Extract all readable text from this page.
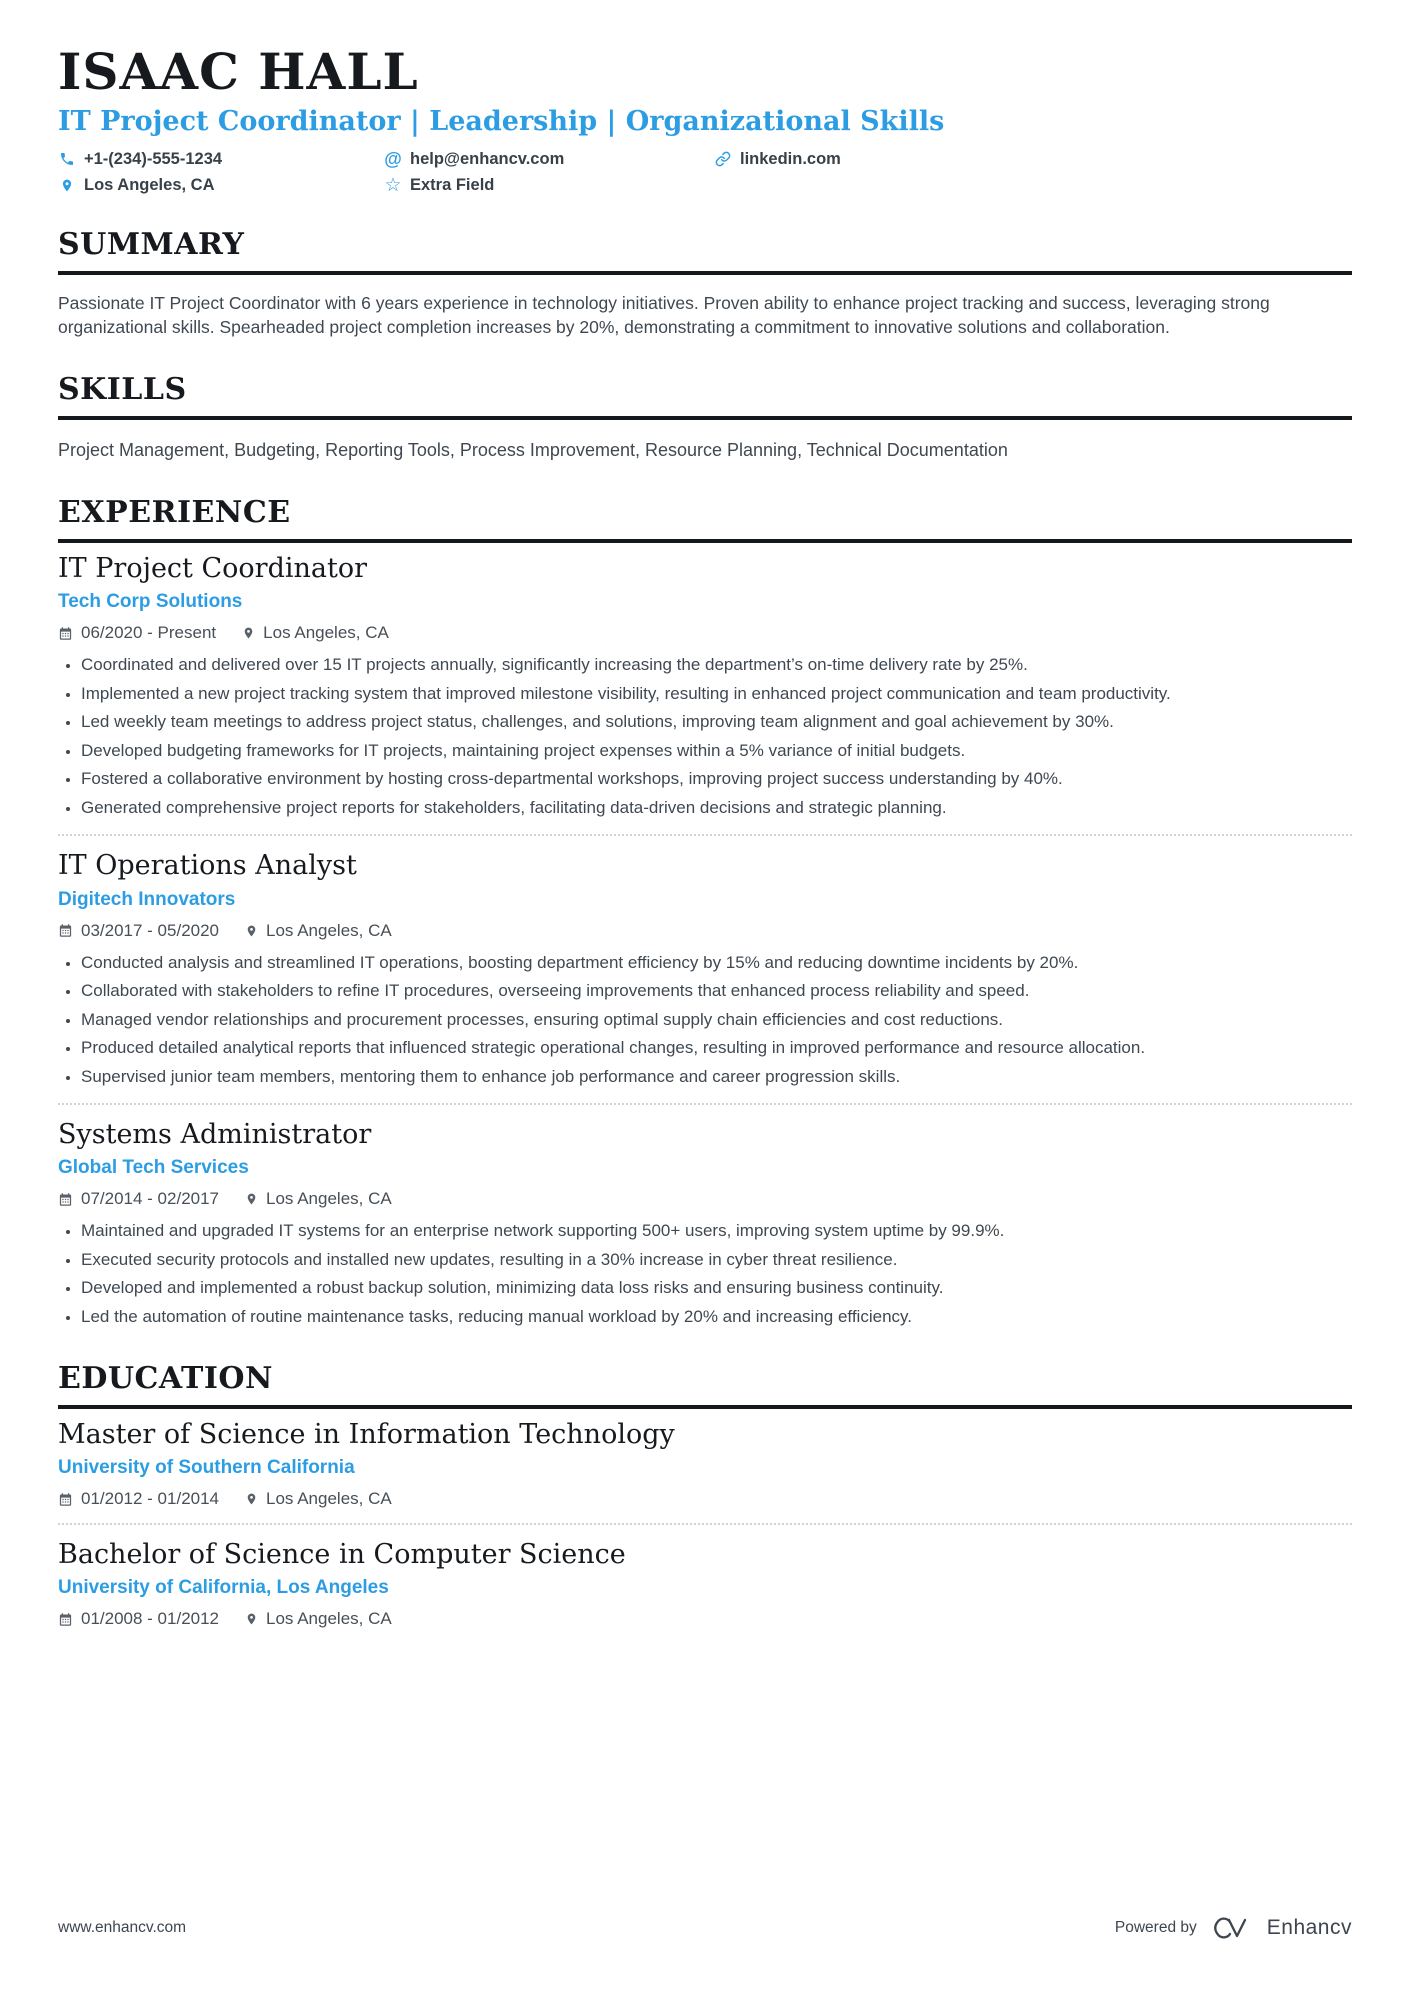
ISAAC HALL
IT Project Coordinator | Leadership | Organizational Skills
+1-(234)-555-1234	@ help@enhancv.com	linkedin.com
Los Angeles, CA	☆ Extra Field
SUMMARY

Passionate IT Project Coordinator with 6 years experience in technology initiatives. Proven ability to enhance project tracking and success, leveraging strong organizational skills. Spearheaded project completion increases by 20%, demonstrating a commitment to innovative solutions and collaboration.

SKILLS

Project Management, Budgeting, Reporting Tools, Process Improvement, Resource Planning, Technical Documentation

EXPERIENCE
IT Project Coordinator
Tech Corp Solutions
06/2020 - Present	Los Angeles, CA
• Coordinated and delivered over 15 IT projects annually, significantly increasing the department’s on-time delivery rate by 25%.
• Implemented a new project tracking system that improved milestone visibility, resulting in enhanced project communication and team productivity.
• Led weekly team meetings to address project status, challenges, and solutions, improving team alignment and goal achievement by 30%.
• Developed budgeting frameworks for IT projects, maintaining project expenses within a 5% variance of initial budgets.
• Fostered a collaborative environment by hosting cross-departmental workshops, improving project success understanding by 40%.
• Generated comprehensive project reports for stakeholders, facilitating data-driven decisions and strategic planning.
IT Operations Analyst
Digitech Innovators
03/2017 - 05/2020	Los Angeles, CA
• Conducted analysis and streamlined IT operations, boosting department efficiency by 15% and reducing downtime incidents by 20%.
• Collaborated with stakeholders to refine IT procedures, overseeing improvements that enhanced process reliability and speed.
• Managed vendor relationships and procurement processes, ensuring optimal supply chain efficiencies and cost reductions.
• Produced detailed analytical reports that influenced strategic operational changes, resulting in improved performance and resource allocation.
• Supervised junior team members, mentoring them to enhance job performance and career progression skills.
Systems Administrator
Global Tech Services
07/2014 - 02/2017	Los Angeles, CA
• Maintained and upgraded IT systems for an enterprise network supporting 500+ users, improving system uptime by 99.9%.
• Executed security protocols and installed new updates, resulting in a 30% increase in cyber threat resilience.
• Developed and implemented a robust backup solution, minimizing data loss risks and ensuring business continuity.
• Led the automation of routine maintenance tasks, reducing manual workload by 20% and increasing efficiency.
EDUCATION
Master of Science in Information Technology
University of Southern California
01/2012 - 01/2014	Los Angeles, CA
Bachelor of Science in Computer Science
University of California, Los Angeles
01/2008 - 01/2012	Los Angeles, CA
www.enhancv.com	Powered by	Enhancv
